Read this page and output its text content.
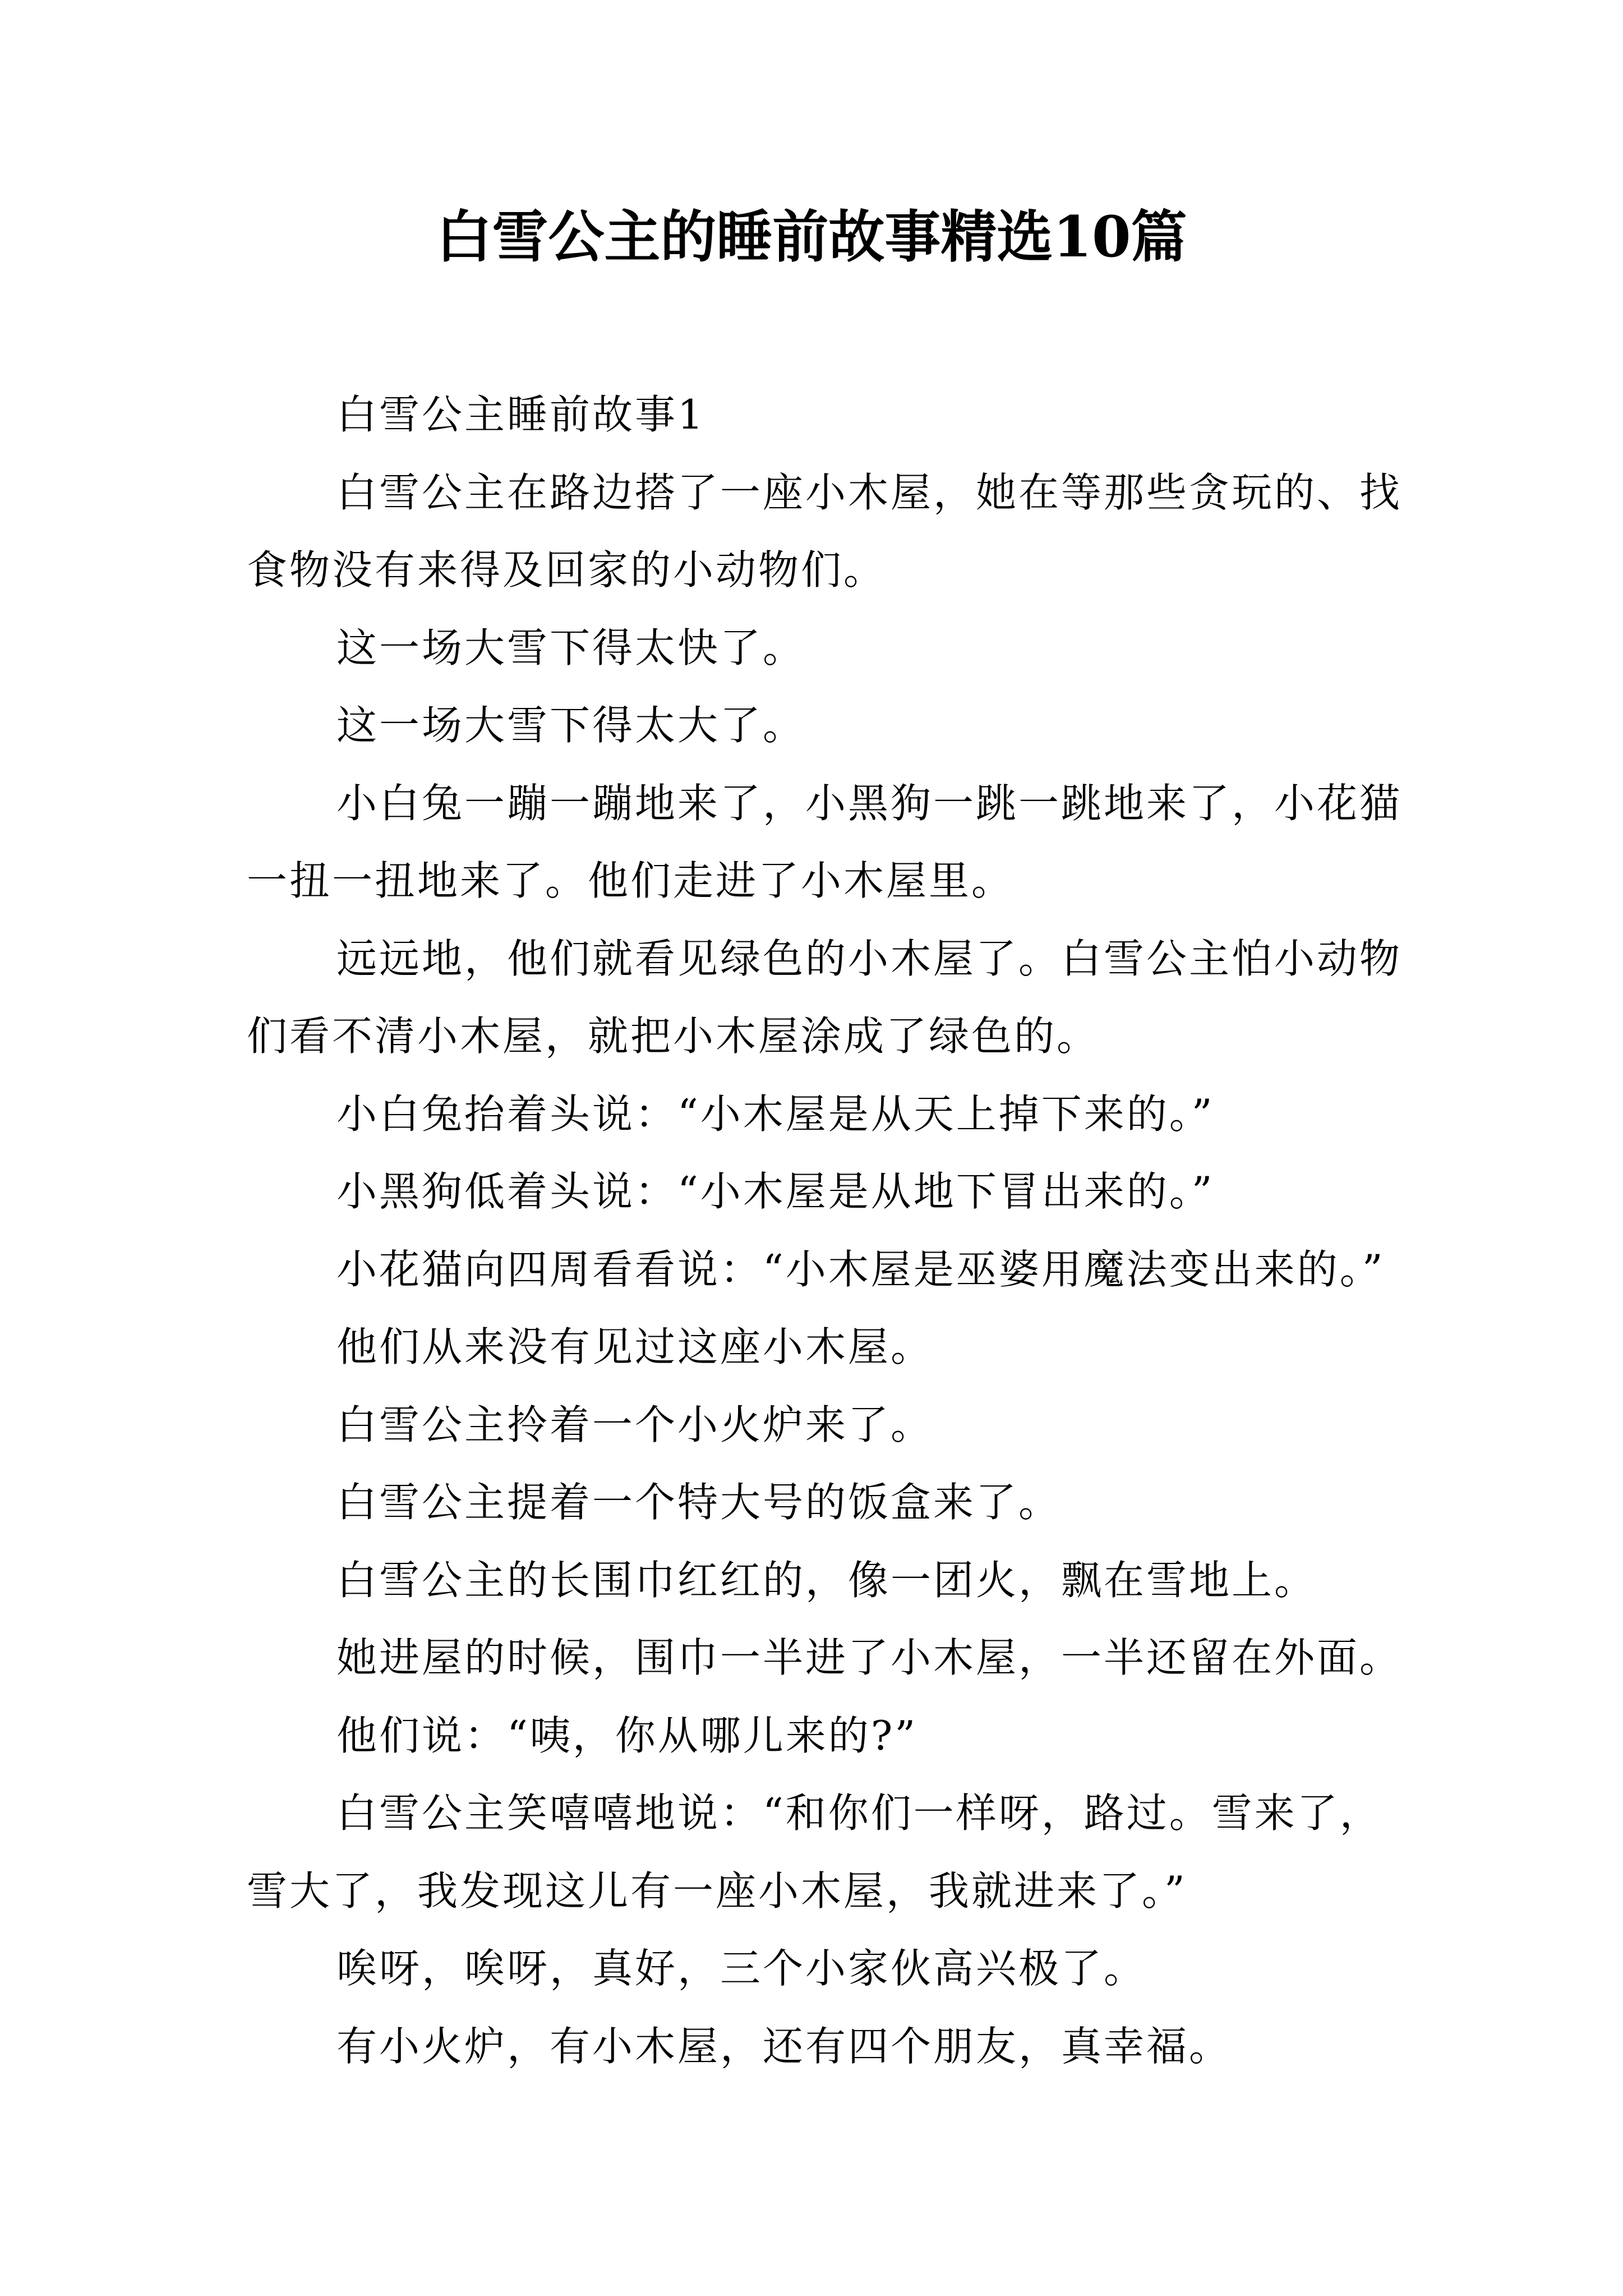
白雪公主的睡前故事精选10篇

白雪公主睡前故事1

白雪公主在路边搭了一座小木屋，她在等那些贪玩的、找食物没有来得及回家的小动物们。

这一场大雪下得太快了。

这一场大雪下得太大了。

小白兔一蹦一蹦地来了，小黑狗一跳一跳地来了，小花猫一扭一扭地来了。他们走进了小木屋里。

远远地，他们就看见绿色的小木屋了。白雪公主怕小动物们看不清小木屋，就把小木屋涂成了绿色的。

小白兔抬着头说：“小木屋是从天上掉下来的。”

小黑狗低着头说：“小木屋是从地下冒出来的。”

小花猫向四周看看说：“小木屋是巫婆用魔法变出来的。”

他们从来没有见过这座小木屋。

白雪公主拎着一个小火炉来了。

白雪公主提着一个特大号的饭盒来了。

白雪公主的长围巾红红的，像一团火，飘在雪地上。

她进屋的时候，围巾一半进了小木屋，一半还留在外面。

他们说：“咦，你从哪儿来的?”

白雪公主笑嘻嘻地说：“和你们一样呀，路过。雪来了，雪大了，我发现这儿有一座小木屋，我就进来了。”

唉呀，唉呀，真好，三个小家伙高兴极了。

有小火炉，有小木屋，还有四个朋友，真幸福。
